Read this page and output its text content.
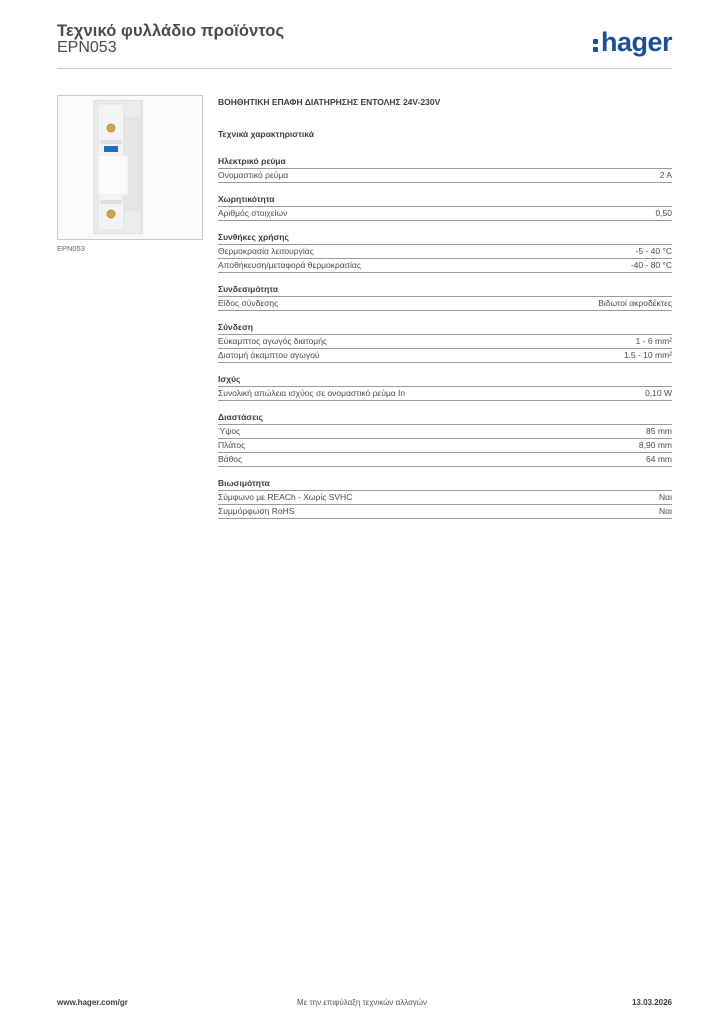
Τεχνικό φυλλάδιο προϊόντος
EPN053	hager
EPN053
ΒΟΗΘΗΤΙΚΗ ΕΠΑΦΗ ΔΙΑΤΗΡΗΣΗΣ ΕΝΤΟΛΗΣ 24V-230V
Τεχνικά χαρακτηριστικά
Ηλεκτρικό ρεύμα
Ονομαστικό ρεύμα	2 A
Χωρητικότητα
Αριθμός στοιχείων	0,50
Συνθήκες χρήσης
Θερμοκρασία λειτουργίας	-5 - 40 °C
Αποθήκευση/μεταφορά θερμοκρασίας	-40 - 80 °C
Συνδεσιμότητα
Είδος σύνδεσης	Βιδωτοί ακροδέκτες
Σύνδεση
Εύκαμπτος αγωγός διατομής	1 - 6 mm²
Διατομή άκαμπτου αγωγού	1.5 - 10 mm²
Ισχύς
Συνολική απώλεια ισχύος σε ονομαστικό ρεύμα In	0,10 W
Διαστάσεις
Ύψος	85 mm
Πλάτος	8,90 mm
Βάθος	64 mm
Βιωσιμότητα
Σύμφωνο με REACh - Χωρίς SVHC	Ναι
Συμμόρφωση RoHS	Ναι
www.hager.com/gr	Με την επιφύλαξη τεχνικών αλλαγών	13.03.2026
